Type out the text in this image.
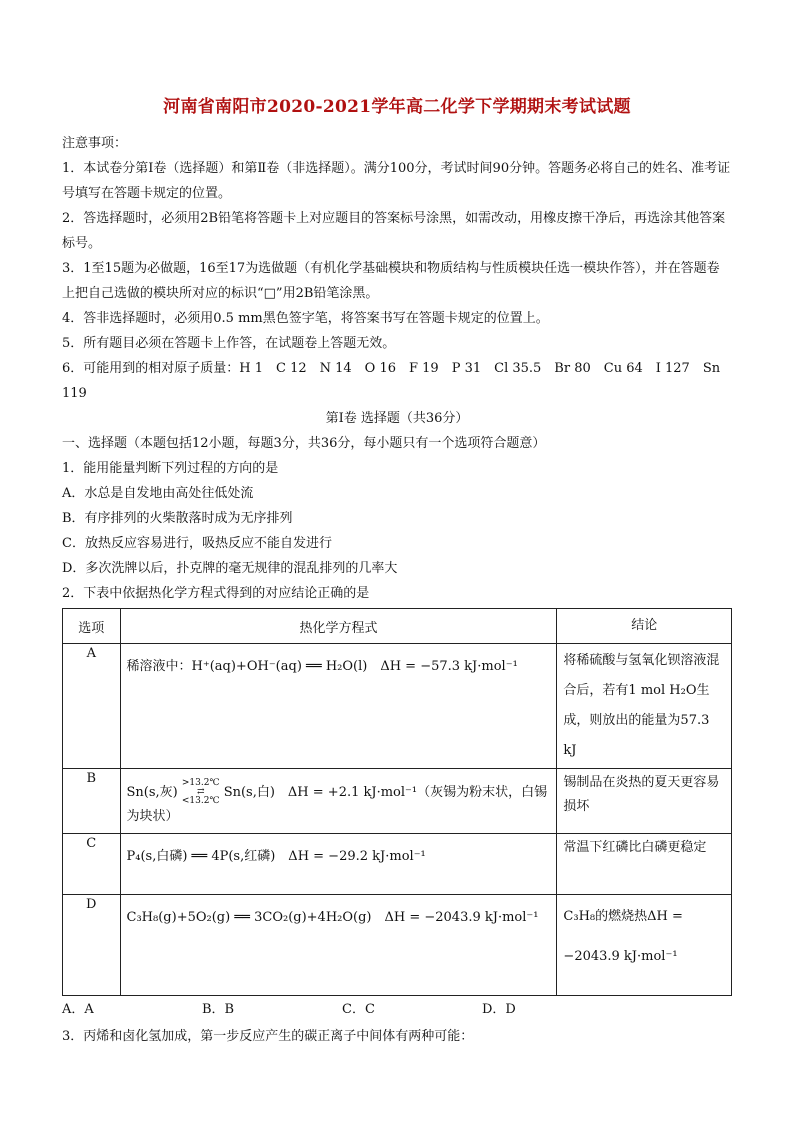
河南省南阳市2020-2021学年高二化学下学期期末考试试题

注意事项：

1．本试卷分第Ⅰ卷（选择题）和第Ⅱ卷（非选择题）。满分100分，考试时间90分钟。答题务必将自己的姓名、准考证号填写在答题卡规定的位置。

2．答选择题时，必须用2B铅笔将答题卡上对应题目的答案标号涂黑，如需改动，用橡皮擦干净后，再选涂其他答案标号。

3．1至15题为必做题，16至17为选做题（有机化学基础模块和物质结构与性质模块任选一模块作答），并在答题卷上把自己选做的模块所对应的标识“□”用2B铅笔涂黑。

4．答非选择题时，必须用0.5 mm黑色签字笔，将答案书写在答题卡规定的位置上。

5．所有题目必须在答题卡上作答，在试题卷上答题无效。

6．可能用到的相对原子质量：H 1　C 12　N 14　O 16　F 19　P 31　Cl 35.5　Br 80　Cu 64　I 127　Sn 119

第Ⅰ卷 选择题（共36分）

一、选择题（本题包括12小题，每题3分，共36分，每小题只有一个选项符合题意）

1．能用能量判断下列过程的方向的是

A．水总是自发地由高处往低处流

B．有序排列的火柴散落时成为无序排列

C．放热反应容易进行，吸热反应不能自发进行

D．多次洗牌以后，扑克牌的毫无规律的混乱排列的几率大

2．下表中依据热化学方程式得到的对应结论正确的是

选项	热化学方程式	结论
A	稀溶液中：H⁺(aq)+OH⁻(aq) ══ H₂O(l)　ΔH = −57.3 kJ·mol⁻¹	将稀硫酸与氢氧化钡溶液混合后，若有1 mol H₂O生成，则放出的能量为57.3 kJ
B	Sn(s,灰) >13.2℃
⇄
<13.2℃ Sn(s,白)　ΔH = +2.1 kJ·mol⁻¹（灰锡为粉末状，白锡为块状）	锡制品在炎热的夏天更容易损坏
C	P₄(s,白磷) ══ 4P(s,红磷)　ΔH = −29.2 kJ·mol⁻¹	常温下红磷比白磷更稳定
D	C₃H₈(g)+5O₂(g) ══ 3CO₂(g)+4H₂O(g)　ΔH = −2043.9 kJ·mol⁻¹	C₃H₈的燃烧热ΔH = −2043.9 kJ·mol⁻¹
A．A	B．B	C．C	D．D

3．丙烯和卤化氢加成，第一步反应产生的碳正离子中间体有两种可能：
